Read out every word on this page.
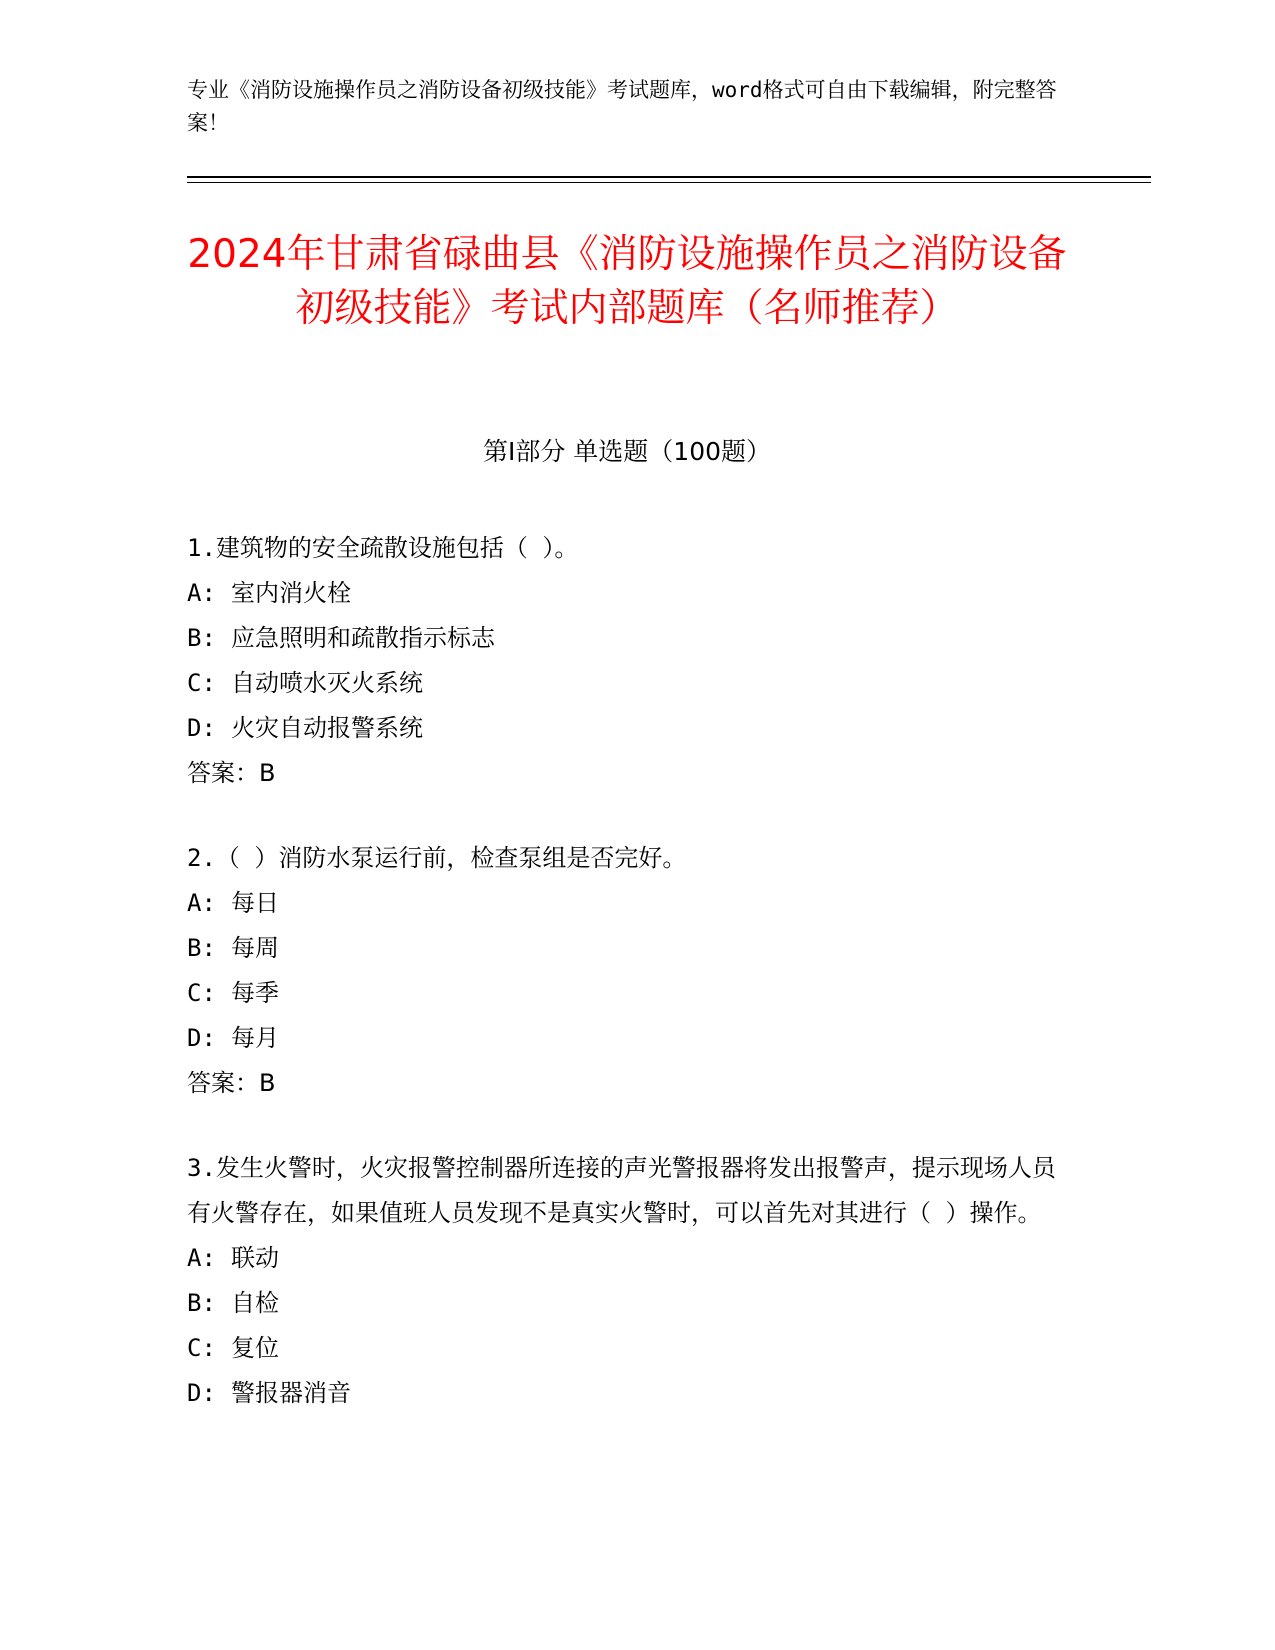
专业《消防设施操作员之消防设备初级技能》考试题库，word格式可自由下载编辑，附完整答案！
2024年甘肃省碌曲县《消防设施操作员之消防设备初级技能》考试内部题库（名师推荐）
第I部分 单选题（100题）

1.建筑物的安全疏散设施包括（ ）。

A: 室内消火栓

B: 应急照明和疏散指示标志

C: 自动喷水灭火系统

D: 火灾自动报警系统

答案：B

2.（ ）消防水泵运行前，检查泵组是否完好。

A: 每日

B: 每周

C: 每季

D: 每月

答案：B

3.发生火警时，火灾报警控制器所连接的声光警报器将发出报警声，提示现场人员有火警存在，如果值班人员发现不是真实火警时，可以首先对其进行（ ）操作。

A: 联动

B: 自检

C: 复位

D: 警报器消音
